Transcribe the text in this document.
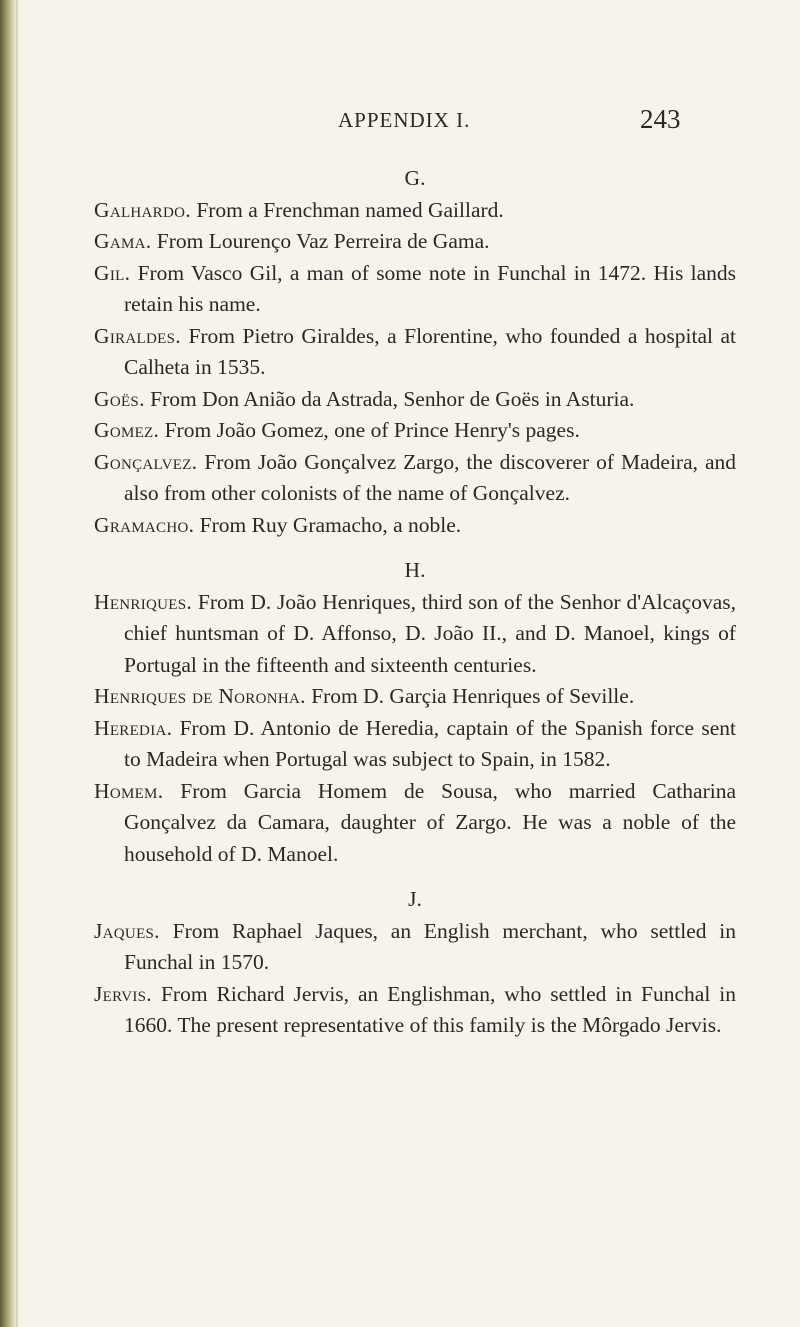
APPENDIX I.	243

G.

Galhardo. From a Frenchman named Gaillard.

Gama. From Lourenço Vaz Perreira de Gama.

Gil. From Vasco Gil, a man of some note in Funchal in 1472. His lands retain his name.

Giraldes. From Pietro Giraldes, a Florentine, who founded a hospital at Calheta in 1535.

Goës. From Don Anião da Astrada, Senhor de Goës in Asturia.

Gomez. From João Gomez, one of Prince Henry's pages.

Gonçalvez. From João Gonçalvez Zargo, the discoverer of Madeira, and also from other colonists of the name of Gonçalvez.

Gramacho. From Ruy Gramacho, a noble.

H.

Henriques. From D. João Henriques, third son of the Senhor d'Alcaçovas, chief huntsman of D. Affonso, D. João II., and D. Manoel, kings of Portugal in the fifteenth and sixteenth centuries.

Henriques de Noronha. From D. Garçia Henriques of Seville.

Heredia. From D. Antonio de Heredia, captain of the Spanish force sent to Madeira when Portugal was subject to Spain, in 1582.

Homem. From Garcia Homem de Sousa, who married Catharina Gonçalvez da Camara, daughter of Zargo. He was a noble of the household of D. Manoel.

J.

Jaques. From Raphael Jaques, an English merchant, who settled in Funchal in 1570.

Jervis. From Richard Jervis, an Englishman, who settled in Funchal in 1660. The present representative of this family is the Môrgado Jervis.
